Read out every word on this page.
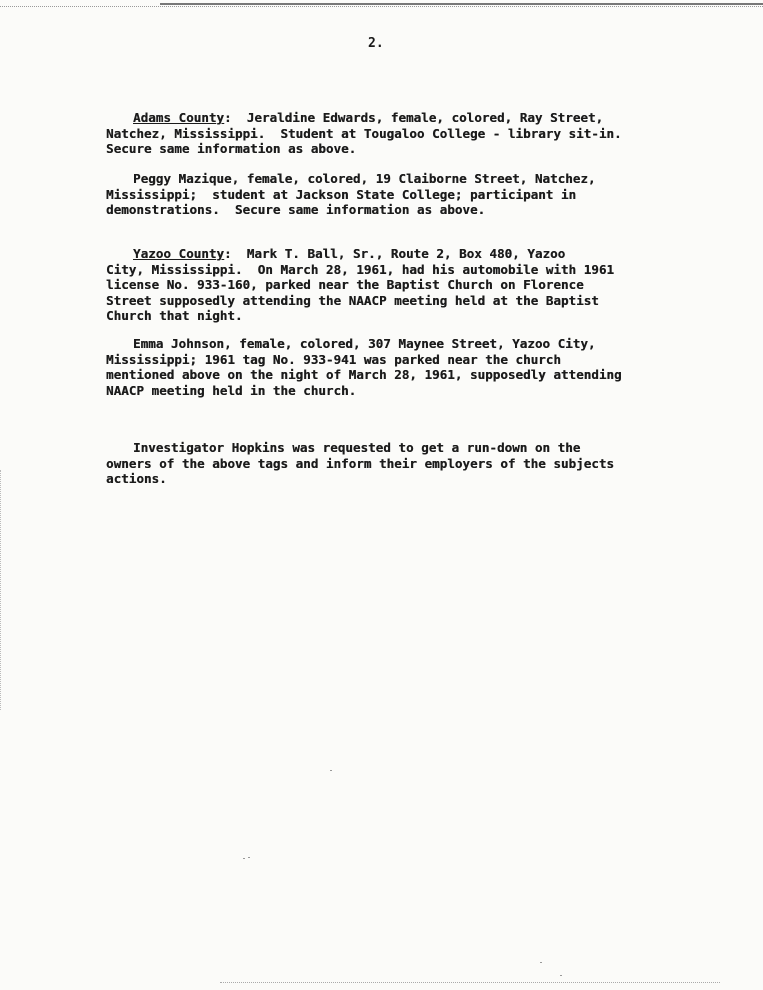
2.
Adams County:  Jeraldine Edwards, female, colored, Ray Street,
Natchez, Mississippi.  Student at Tougaloo College - library sit-in.
Secure same information as above.
Peggy Mazique, female, colored, 19 Claiborne Street, Natchez,
Mississippi;  student at Jackson State College; participant in
demonstrations.  Secure same information as above.
Yazoo County:  Mark T. Ball, Sr., Route 2, Box 480, Yazoo
City, Mississippi.  On March 28, 1961, had his automobile with 1961
license No. 933-160, parked near the Baptist Church on Florence
Street supposedly attending the NAACP meeting held at the Baptist
Church that night.
Emma Johnson, female, colored, 307 Maynee Street, Yazoo City,
Mississippi; 1961 tag No. 933-941 was parked near the church
mentioned above on the night of March 28, 1961, supposedly attending
NAACP meeting held in the church.
Investigator Hopkins was requested to get a run-down on the
owners of the above tags and inform their employers of the subjects
actions.
